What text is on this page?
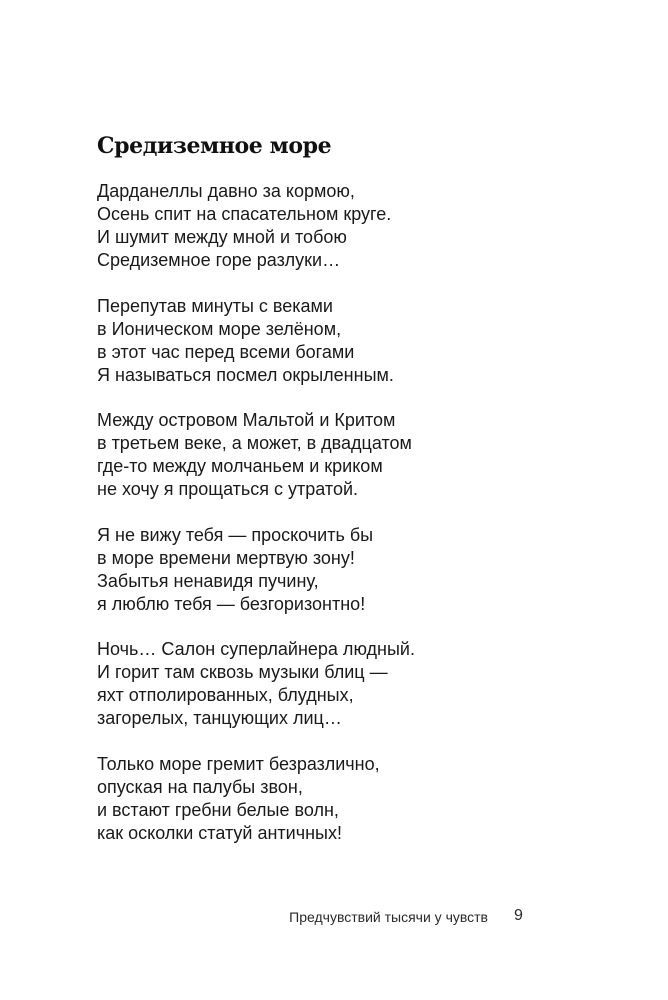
Средиземное море
Дарданеллы давно за кормою,
Осень спит на спасательном круге.
И шумит между мной и тобою
Средиземное горе разлуки…
Перепутав минуты с веками
в Ионическом море зелёном,
в этот час перед всеми богами
Я называться посмел окрыленным.
Между островом Мальтой и Критом
в третьем веке, а может, в двадцатом
где-то между молчаньем и криком
не хочу я прощаться с утратой.
Я не вижу тебя — проскочить бы
в море времени мертвую зону!
Забытья ненавидя пучину,
я люблю тебя — безгоризонтно!
Ночь… Салон суперлайнера людный.
И горит там сквозь музыки блиц —
яхт отполированных, блудных,
загорелых, танцующих лиц…
Только море гремит безразлично,
опуская на палубы звон,
и встают гребни белые волн,
как осколки статуй античных!
Предчувствий тысячи у чувств 9
